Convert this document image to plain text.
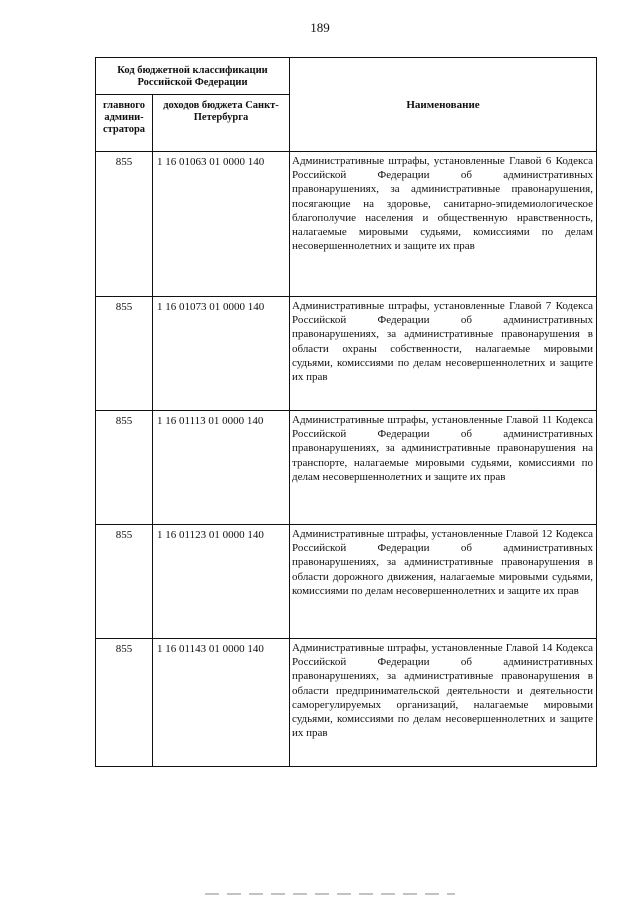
189
Код бюджетной классификации Российской Федерации		Наименование

главного админи-стратора	доходов бюджета Санкт-Петербурга	

855	1 16 01063 01 0000 140	Административные штрафы, установленные Главой 6 Кодекса Российской Федерации об административных правонарушениях, за административные правонарушения, посягающие на здоровье, санитарно-эпидемиологическое благополучие населения и общественную нравственность, налагаемые мировыми судьями, комиссиями по делам несовершеннолетних и защите их прав
855	1 16 01073 01 0000 140	Административные штрафы, установленные Главой 7 Кодекса Российской Федерации об административных правонарушениях, за административные правонарушения в области охраны собственности, налагаемые мировыми судьями, комиссиями по делам несовершеннолетних и защите их прав
855	1 16 01113 01 0000 140	Административные штрафы, установленные Главой 11 Кодекса Российской Федерации об административных правонарушениях, за административные правонарушения на транспорте, налагаемые мировыми судьями, комиссиями по делам несовершеннолетних и защите их прав
855	1 16 01123 01 0000 140	Административные штрафы, установленные Главой 12 Кодекса Российской Федерации об административных правонарушениях, за административные правонарушения в области дорожного движения, налагаемые мировыми судьями, комиссиями по делам несовершеннолетних и защите их прав
855	1 16 01143 01 0000 140	Административные штрафы, установленные Главой 14 Кодекса Российской Федерации об административных правонарушениях, за административные правонарушения в области предпринимательской деятельности и деятельности саморегулируемых организаций, налагаемые мировыми судьями, комиссиями по делам несовершеннолетних и защите их прав
